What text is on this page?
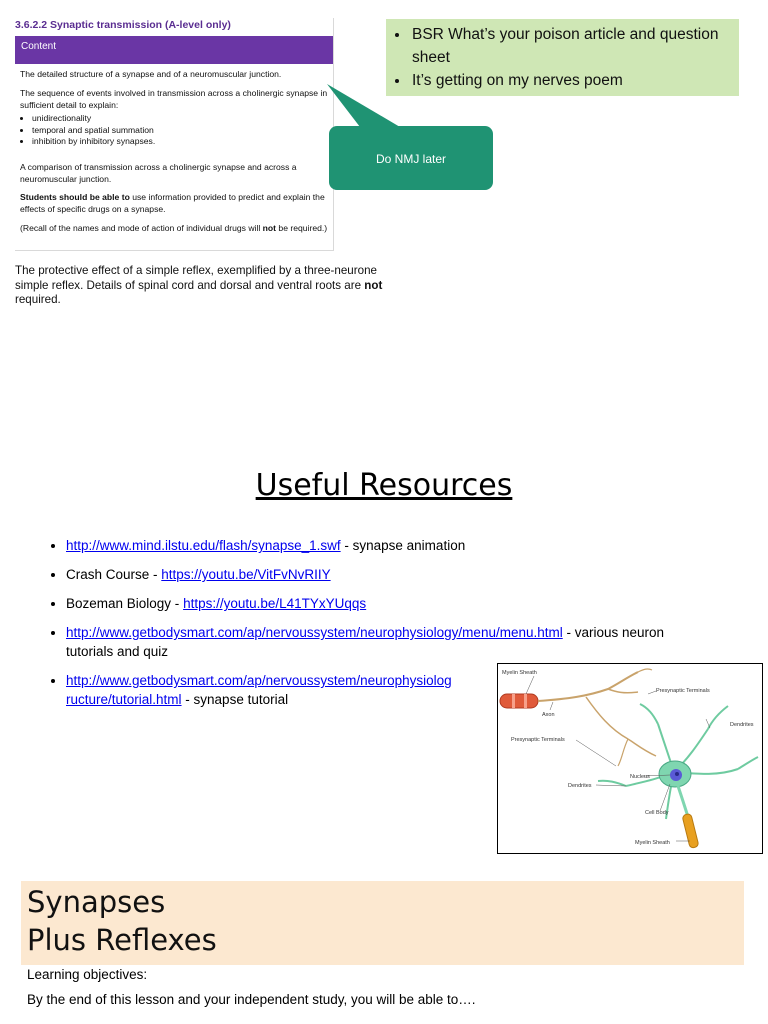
3.6.2.2 Synaptic transmission (A-level only)
Content
The detailed structure of a synapse and of a neuromuscular junction.
The sequence of events involved in transmission across a cholinergic synapse in sufficient detail to explain:
• unidirectionality
• temporal and spatial summation
• inhibition by inhibitory synapses.
A comparison of transmission across a cholinergic synapse and across a neuromuscular junction.
Students should be able to use information provided to predict and explain the effects of specific drugs on a synapse.
(Recall of the names and mode of action of individual drugs will not be required.)
The protective effect of a simple reflex, exemplified by a three-neurone simple reflex. Details of spinal cord and dorsal and ventral roots are not required.
• BSR What’s your poison article and question sheet
• It’s getting on my nerves poem
Do NMJ later
Useful Resources
• http://www.mind.ilstu.edu/flash/synapse_1.swf - synapse animation
• Crash Course - https://youtu.be/VitFvNvRIIY
• Bozeman Biology - https://youtu.be/L41TYxYUqqs
• http://www.getbodysmart.com/ap/nervoussystem/neurophysiology/menu/menu.html - various neuron tutorials and quiz
• http://www.getbodysmart.com/ap/nervoussystem/neurophysiolog
ructure/tutorial.html - synapse tutorial
Myelin Sheath
Axon
Presynaptic Terminals
Dendrites
Presynaptic Terminals
Nucleus
Dendrites
Cell Body
Myelin Sheath
Synapses
Plus Reflexes
Learning objectives:
By the end of this lesson and your independent study, you will be able to….
